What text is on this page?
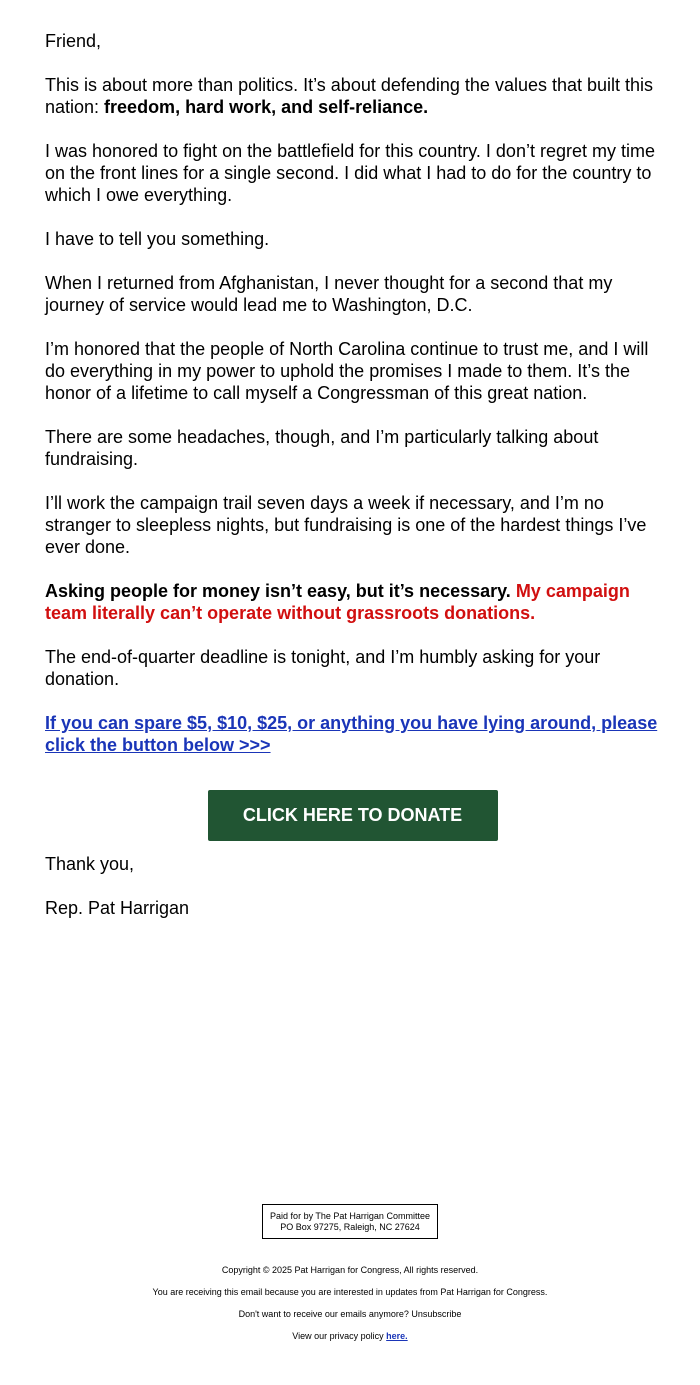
Friend,

This is about more than politics. It’s about defending the values that built this nation: freedom, hard work, and self-reliance.

I was honored to fight on the battlefield for this country. I don’t regret my time on the front lines for a single second. I did what I had to do for the country to which I owe everything.

I have to tell you something.

When I returned from Afghanistan, I never thought for a second that my journey of service would lead me to Washington, D.C.

I’m honored that the people of North Carolina continue to trust me, and I will do everything in my power to uphold the promises I made to them. It’s the honor of a lifetime to call myself a Congressman of this great nation.

There are some headaches, though, and I’m particularly talking about fundraising.

I’ll work the campaign trail seven days a week if necessary, and I’m no stranger to sleepless nights, but fundraising is one of the hardest things I’ve ever done.

Asking people for money isn’t easy, but it’s necessary. My campaign team literally can’t operate without grassroots donations.

The end-of-quarter deadline is tonight, and I’m humbly asking for your donation.

If you can spare $5, $10, $25, or anything you have lying around, please click the button below >>>

CLICK HERE TO DONATE

Thank you,

Rep. Pat Harrigan

Paid for by The Pat Harrigan Committee
PO Box 97275, Raleigh, NC 27624

Copyright © 2025 Pat Harrigan for Congress, All rights reserved.

You are receiving this email because you are interested in updates from Pat Harrigan for Congress.

Don't want to receive our emails anymore? Unsubscribe

View our privacy policy here.
